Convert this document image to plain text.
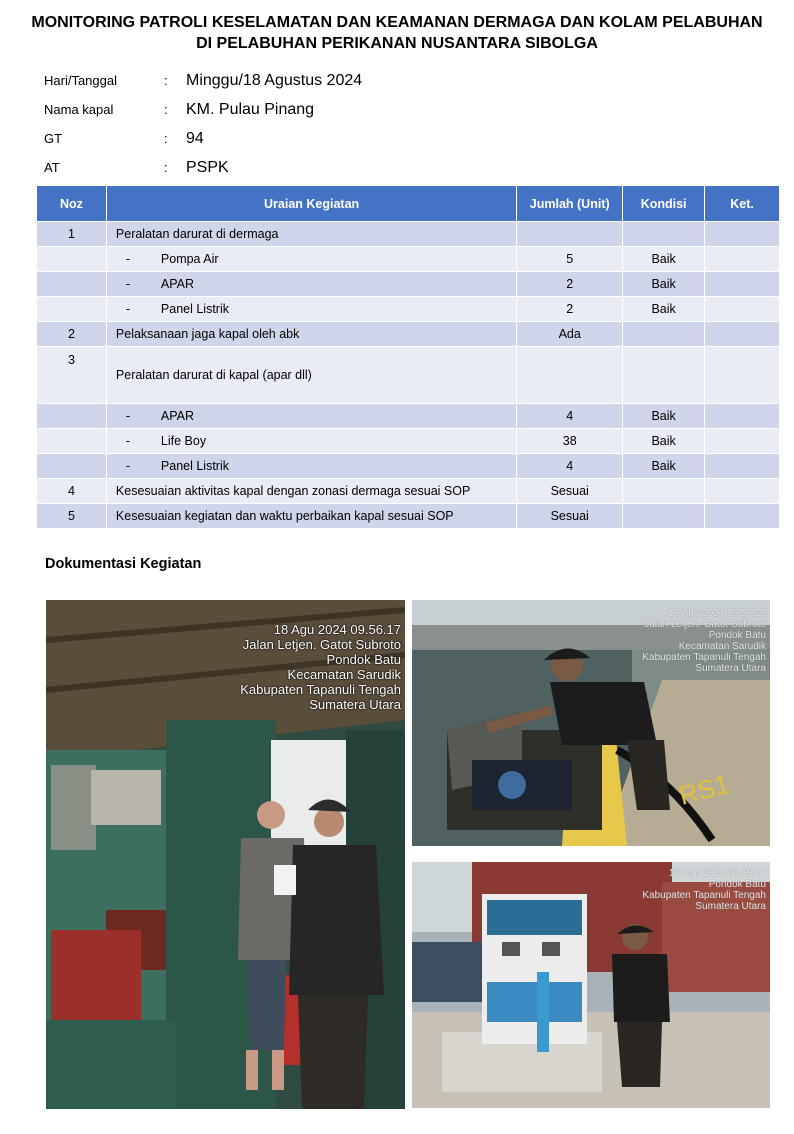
MONITORING PATROLI KESELAMATAN DAN KEAMANAN DERMAGA DAN KOLAM PELABUHAN
DI PELABUHAN PERIKANAN NUSANTARA SIBOLGA
Hari/Tanggal	:	Minggu/18 Agustus 2024
Nama kapal	:	KM. Pulau Pinang
GT	:	94
AT	:	PSPK
Noz	Uraian Kegiatan	Jumlah (Unit)	Kondisi	Ket.
1	Peralatan darurat di dermaga			

	- Pompa Air	5	Baik	

	- APAR	2	Baik	

	- Panel Listrik	2	Baik	
2	Pelaksanaan jaga kapal oleh abk	Ada		
3	Peralatan darurat di kapal (apar dll)			

	- APAR	4	Baik	

	- Life Boy	38	Baik	

	- Panel Listrik	4	Baik	
4	Kesesuaian aktivitas kapal dengan zonasi dermaga sesuai SOP	Sesuai		
5	Kesesuaian kegiatan dan waktu perbaikan kapal sesuai SOP	Sesuai		
Dokumentasi Kegiatan
18 Agu 2024 09.56.17
Jalan Letjen. Gatot Subroto
Pondok Batu
Kecamatan Sarudik
Kabupaten Tapanuli Tengah
Sumatera Utara
RS1
18 Agu 2024 09.57.15
Jalan Letjen. Gatot Subroto
Pondok Batu
Kecamatan Sarudik
Kabupaten Tapanuli Tengah
Sumatera Utara
18 Agu 2024 09.58.11
Pondok Batu
Kabupaten Tapanuli Tengah
Sumatera Utara
